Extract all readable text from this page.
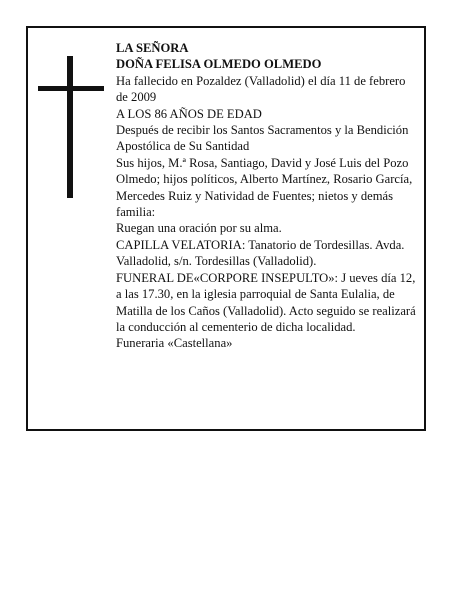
LA SEÑORA

DOÑA FELISA OLMEDO OLMEDO

Ha fallecido en Pozaldez (Valladolid) el día 11 de febrero de 2009

A LOS 86 AÑOS DE EDAD

Después de recibir los Santos Sacramentos y la Bendición Apostólica de Su Santidad

Sus hijos, M.ª Rosa, Santiago, David y José Luis del Pozo Olmedo; hijos políticos, Alberto Martínez, Rosario García, Mercedes Ruiz y Natividad de Fuentes; nietos y demás familia:

Ruegan una oración por su alma.

CAPILLA VELATORIA: Tanatorio de Tordesillas. Avda. Valladolid, s/n. Tordesillas (Valladolid).

FUNERAL DE«CORPORE INSEPULTO»: J ueves día 12, a las 17.30, en la iglesia parroquial de Santa Eulalia, de Matilla de los Caños (Valladolid). Acto seguido se realizará la conducción al cementerio de dicha localidad.

Funeraria «Castellana»
